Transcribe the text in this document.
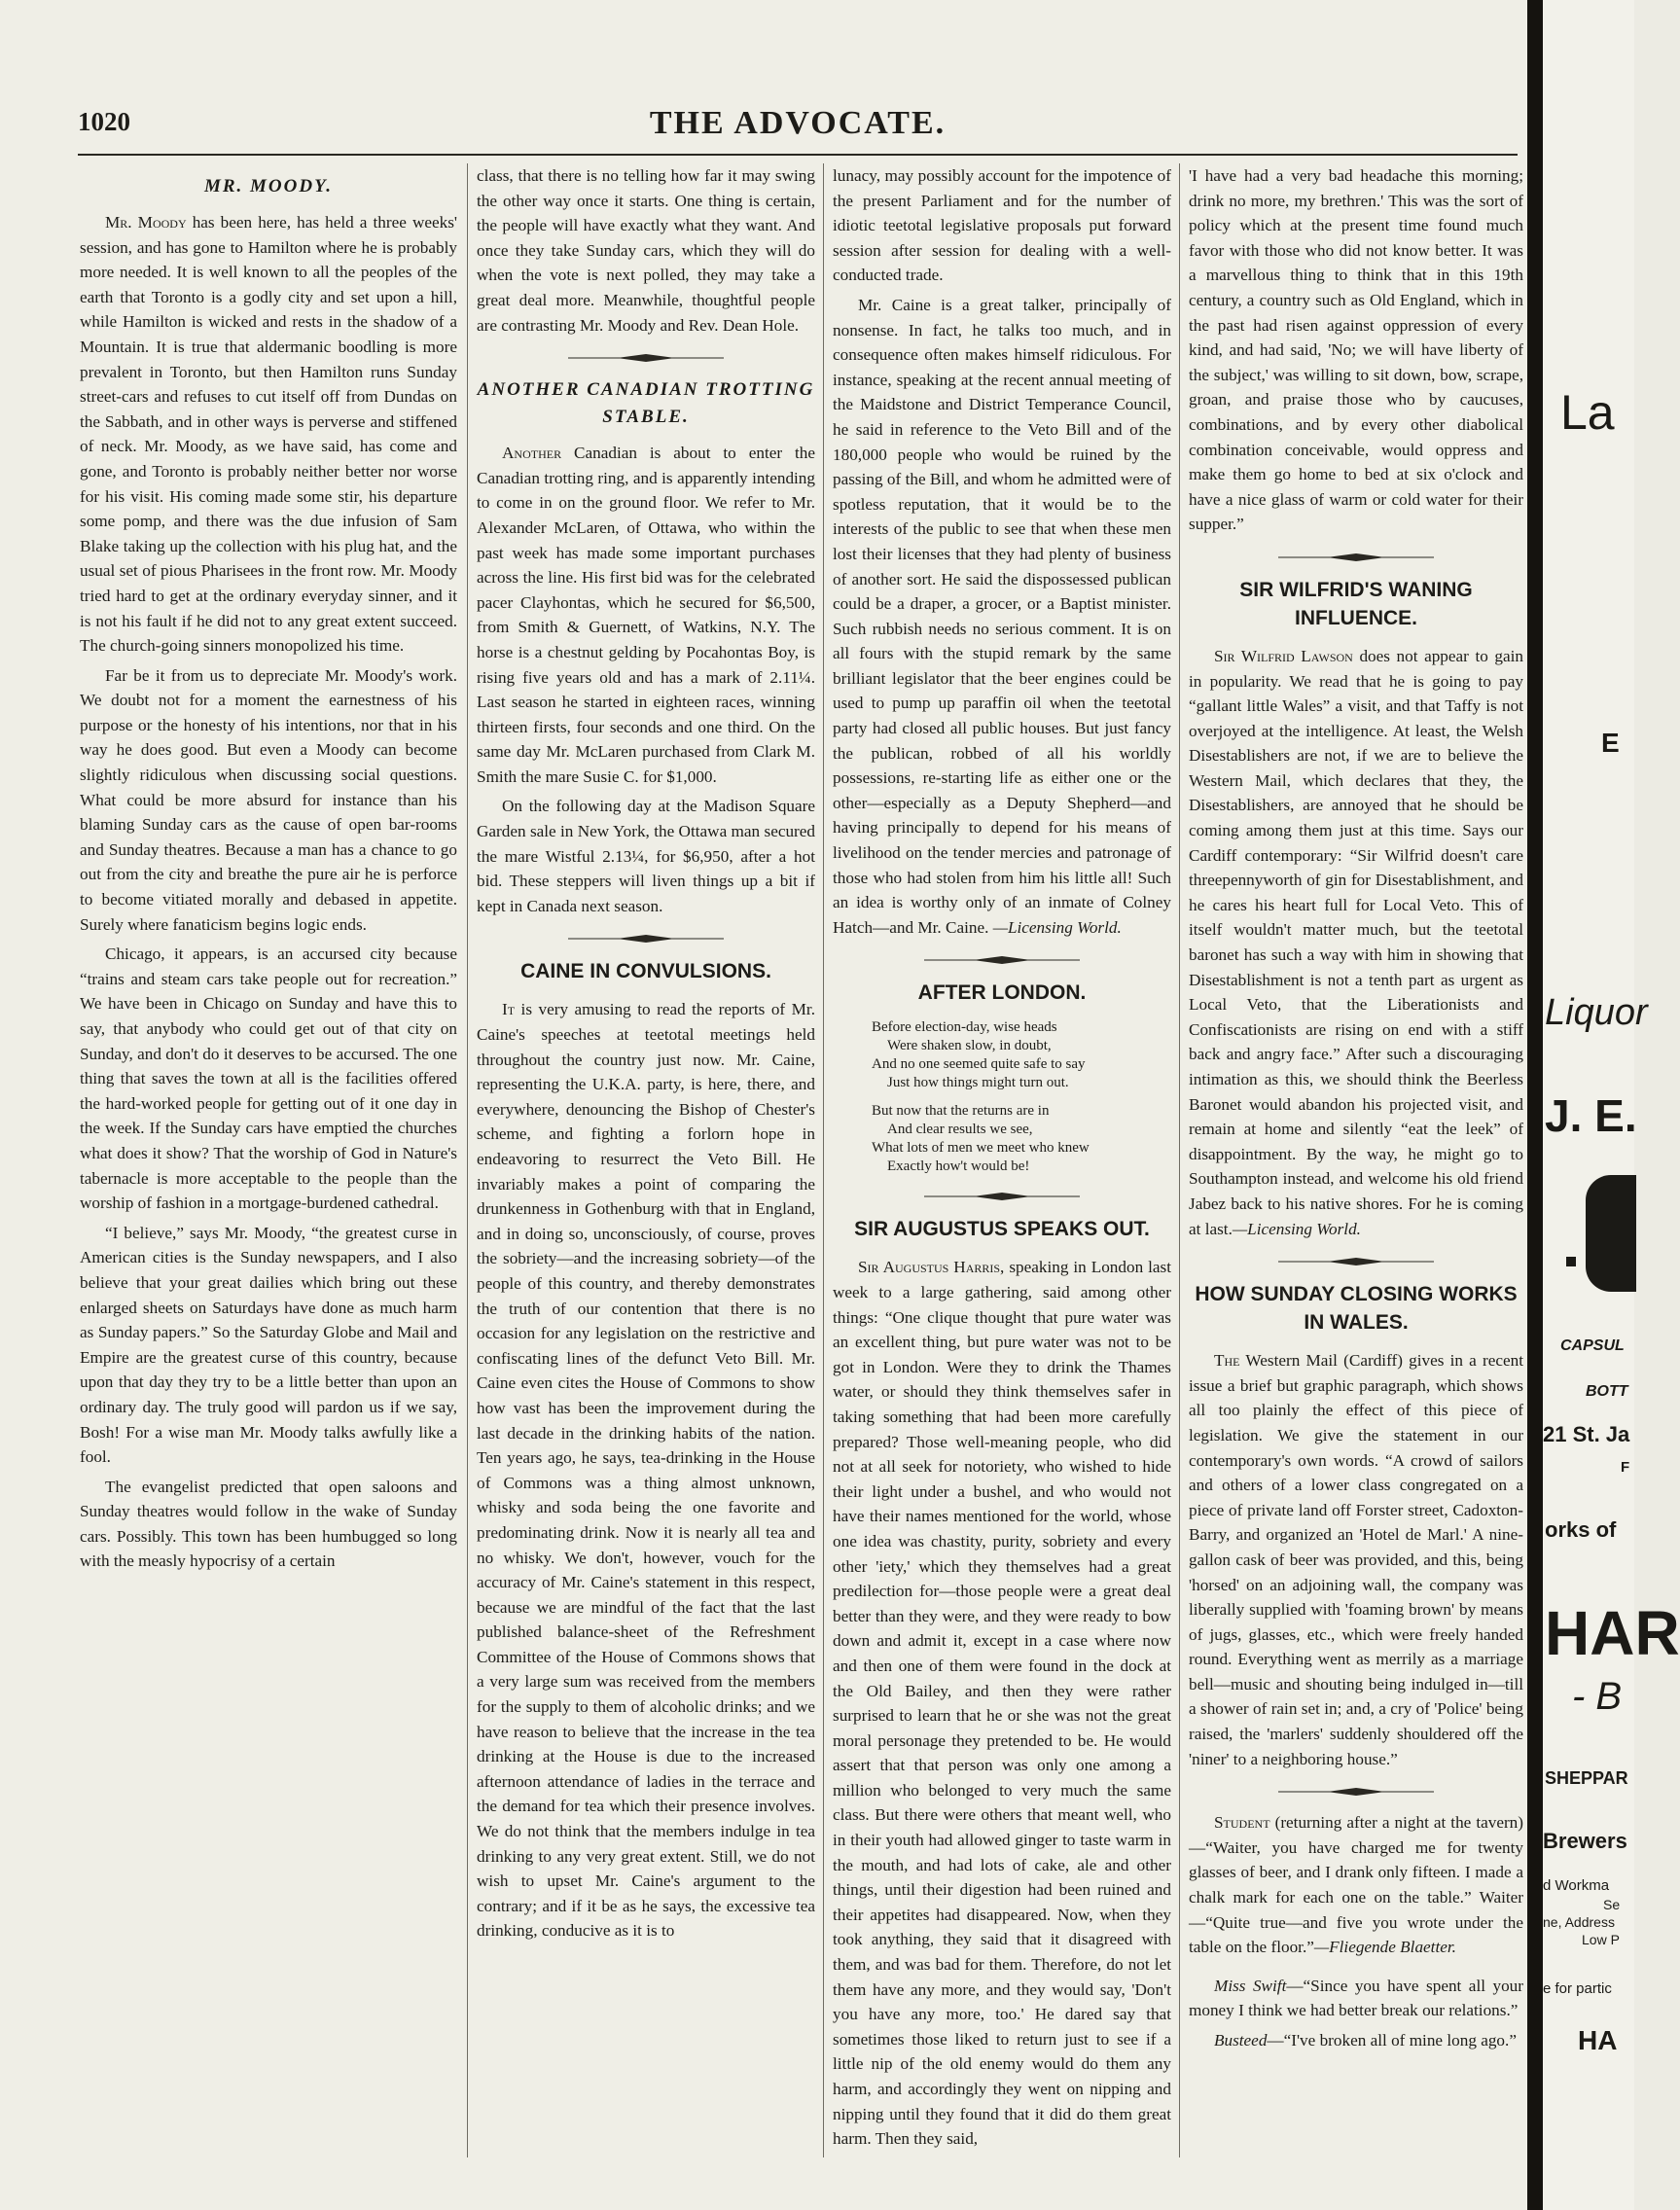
1020	THE ADVOCATE.
MR. MOODY.

Mr. Moody has been here, has held a three weeks' session, and has gone to Hamilton where he is probably more needed. It is well known to all the peoples of the earth that Toronto is a godly city and set upon a hill, while Hamilton is wicked and rests in the shadow of a Mountain. It is true that aldermanic boodling is more prevalent in Toronto, but then Hamilton runs Sunday street-cars and refuses to cut itself off from Dundas on the Sabbath, and in other ways is perverse and stiffened of neck. Mr. Moody, as we have said, has come and gone, and Toronto is probably neither better nor worse for his visit. His coming made some stir, his departure some pomp, and there was the due infusion of Sam Blake taking up the collection with his plug hat, and the usual set of pious Pharisees in the front row. Mr. Moody tried hard to get at the ordinary everyday sinner, and it is not his fault if he did not to any great extent succeed. The church-going sinners monopolized his time.

Far be it from us to depreciate Mr. Moody's work. We doubt not for a moment the earnestness of his purpose or the honesty of his intentions, nor that in his way he does good. But even a Moody can become slightly ridiculous when discussing social questions. What could be more absurd for instance than his blaming Sunday cars as the cause of open bar-rooms and Sunday theatres. Because a man has a chance to go out from the city and breathe the pure air he is perforce to become vitiated morally and debased in appetite. Surely where fanaticism begins logic ends.

Chicago, it appears, is an accursed city because “trains and steam cars take people out for recreation.” We have been in Chicago on Sunday and have this to say, that anybody who could get out of that city on Sunday, and don't do it deserves to be accursed. The one thing that saves the town at all is the facilities offered the hard-worked people for getting out of it one day in the week. If the Sunday cars have emptied the churches what does it show? That the worship of God in Nature's tabernacle is more acceptable to the people than the worship of fashion in a mortgage-burdened cathedral.

“I believe,” says Mr. Moody, “the greatest curse in American cities is the Sunday newspapers, and I also believe that your great dailies which bring out these enlarged sheets on Saturdays have done as much harm as Sunday papers.” So the Saturday Globe and Mail and Empire are the greatest curse of this country, because upon that day they try to be a little better than upon an ordinary day. The truly good will pardon us if we say, Bosh! For a wise man Mr. Moody talks awfully like a fool.

The evangelist predicted that open saloons and Sunday theatres would follow in the wake of Sunday cars. Possibly. This town has been humbugged so long with the measly hypocrisy of a certain

class, that there is no telling how far it may swing the other way once it starts. One thing is certain, the people will have exactly what they want. And once they take Sunday cars, which they will do when the vote is next polled, they may take a great deal more. Meanwhile, thoughtful people are contrasting Mr. Moody and Rev. Dean Hole.

ANOTHER CANADIAN TROTTING STABLE.

Another Canadian is about to enter the Canadian trotting ring, and is apparently intending to come in on the ground floor. We refer to Mr. Alexander McLaren, of Ottawa, who within the past week has made some important purchases across the line. His first bid was for the celebrated pacer Clayhontas, which he secured for $6,500, from Smith & Guernett, of Watkins, N.Y. The horse is a chestnut gelding by Pocahontas Boy, is rising five years old and has a mark of 2.11¼. Last season he started in eighteen races, winning thirteen firsts, four seconds and one third. On the same day Mr. McLaren purchased from Clark M. Smith the mare Susie C. for $1,000.

On the following day at the Madison Square Garden sale in New York, the Ottawa man secured the mare Wistful 2.13¼, for $6,950, after a hot bid. These steppers will liven things up a bit if kept in Canada next season.

CAINE IN CONVULSIONS.

It is very amusing to read the reports of Mr. Caine's speeches at teetotal meetings held throughout the country just now. Mr. Caine, representing the U.K.A. party, is here, there, and everywhere, denouncing the Bishop of Chester's scheme, and fighting a forlorn hope in endeavoring to resurrect the Veto Bill. He invariably makes a point of comparing the drunkenness in Gothenburg with that in England, and in doing so, unconsciously, of course, proves the sobriety—and the increasing sobriety—of the people of this country, and thereby demonstrates the truth of our contention that there is no occasion for any legislation on the restrictive and confiscating lines of the defunct Veto Bill. Mr. Caine even cites the House of Commons to show how vast has been the improvement during the last decade in the drinking habits of the nation. Ten years ago, he says, tea-drinking in the House of Commons was a thing almost unknown, whisky and soda being the one favorite and predominating drink. Now it is nearly all tea and no whisky. We don't, however, vouch for the accuracy of Mr. Caine's statement in this respect, because we are mindful of the fact that the last published balance-sheet of the Refreshment Committee of the House of Commons shows that a very large sum was received from the members for the supply to them of alcoholic drinks; and we have reason to believe that the increase in the tea drinking at the House is due to the increased afternoon attendance of ladies in the terrace and the demand for tea which their presence involves. We do not think that the members indulge in tea drinking to any very great extent. Still, we do not wish to upset Mr. Caine's argument to the contrary; and if it be as he says, the excessive tea drinking, conducive as it is to

lunacy, may possibly account for the impotence of the present Parliament and for the number of idiotic teetotal legislative proposals put forward session after session for dealing with a well-conducted trade.

Mr. Caine is a great talker, principally of nonsense. In fact, he talks too much, and in consequence often makes himself ridiculous. For instance, speaking at the recent annual meeting of the Maidstone and District Temperance Council, he said in reference to the Veto Bill and of the 180,000 people who would be ruined by the passing of the Bill, and whom he admitted were of spotless reputation, that it would be to the interests of the public to see that when these men lost their licenses that they had plenty of business of another sort. He said the dispossessed publican could be a draper, a grocer, or a Baptist minister. Such rubbish needs no serious comment. It is on all fours with the stupid remark by the same brilliant legislator that the beer engines could be used to pump up paraffin oil when the teetotal party had closed all public houses. But just fancy the publican, robbed of all his worldly possessions, re-starting life as either one or the other—especially as a Deputy Shepherd—and having principally to depend for his means of livelihood on the tender mercies and patronage of those who had stolen from him his little all! Such an idea is worthy only of an inmate of Colney Hatch—and Mr. Caine. —Licensing World.

AFTER LONDON.
Before election-day, wise heads
Were shaken slow, in doubt,
And no one seemed quite safe to say
Just how things might turn out.
But now that the returns are in
And clear results we see,
What lots of men we meet who knew
Exactly how't would be!
SIR AUGUSTUS SPEAKS OUT.

Sir Augustus Harris, speaking in London last week to a large gathering, said among other things: “One clique thought that pure water was an excellent thing, but pure water was not to be got in London. Were they to drink the Thames water, or should they think themselves safer in taking something that had been more carefully prepared? Those well-meaning people, who did not at all seek for notoriety, who wished to hide their light under a bushel, and who would not have their names mentioned for the world, whose one idea was chastity, purity, sobriety and every other 'iety,' which they themselves had a great predilection for—those people were a great deal better than they were, and they were ready to bow down and admit it, except in a case where now and then one of them were found in the dock at the Old Bailey, and then they were rather surprised to learn that he or she was not the great moral personage they pretended to be. He would assert that that person was only one among a million who belonged to very much the same class. But there were others that meant well, who in their youth had allowed ginger to taste warm in the mouth, and had lots of cake, ale and other things, until their digestion had been ruined and their appetites had disappeared. Now, when they took anything, they said that it disagreed with them, and was bad for them. Therefore, do not let them have any more, and they would say, 'Don't you have any more, too.' He dared say that sometimes those liked to return just to see if a little nip of the old enemy would do them any harm, and accordingly they went on nipping and nipping until they found that it did do them great harm. Then they said,

'I have had a very bad headache this morning; drink no more, my brethren.' This was the sort of policy which at the present time found much favor with those who did not know better. It was a marvellous thing to think that in this 19th century, a country such as Old England, which in the past had risen against oppression of every kind, and had said, 'No; we will have liberty of the subject,' was willing to sit down, bow, scrape, groan, and praise those who by caucuses, combinations, and by every other diabolical combination conceivable, would oppress and make them go home to bed at six o'clock and have a nice glass of warm or cold water for their supper.”

SIR WILFRID'S WANING INFLUENCE.

Sir Wilfrid Lawson does not appear to gain in popularity. We read that he is going to pay “gallant little Wales” a visit, and that Taffy is not overjoyed at the intelligence. At least, the Welsh Disestablishers are not, if we are to believe the Western Mail, which declares that they, the Disestablishers, are annoyed that he should be coming among them just at this time. Says our Cardiff contemporary: “Sir Wilfrid doesn't care threepennyworth of gin for Disestablishment, and he cares his heart full for Local Veto. This of itself wouldn't matter much, but the teetotal baronet has such a way with him in showing that Disestablishment is not a tenth part as urgent as Local Veto, that the Liberationists and Confiscationists are rising on end with a stiff back and angry face.” After such a discouraging intimation as this, we should think the Beerless Baronet would abandon his projected visit, and remain at home and silently “eat the leek” of disappointment. By the way, he might go to Southampton instead, and welcome his old friend Jabez back to his native shores. For he is coming at last.—Licensing World.

HOW SUNDAY CLOSING WORKS IN WALES.

The Western Mail (Cardiff) gives in a recent issue a brief but graphic paragraph, which shows all too plainly the effect of this piece of legislation. We give the statement in our contemporary's own words. “A crowd of sailors and others of a lower class congregated on a piece of private land off Forster street, Cadoxton-Barry, and organized an 'Hotel de Marl.' A nine-gallon cask of beer was provided, and this, being 'horsed' on an adjoining wall, the company was liberally supplied with 'foaming brown' by means of jugs, glasses, etc., which were freely handed round. Everything went as merrily as a marriage bell—music and shouting being indulged in—till a shower of rain set in; and, a cry of 'Police' being raised, the 'marlers' suddenly shouldered off the 'niner' to a neighboring house.”

Student (returning after a night at the tavern)—“Waiter, you have charged me for twenty glasses of beer, and I drank only fifteen. I made a chalk mark for each one on the table.” Waiter—“Quite true—and five you wrote under the table on the floor.”—Fliegende Blaetter.

Miss Swift—“Since you have spent all your money I think we had better break our relations.”

Busteed—“I've broken all of mine long ago.”

La
E
Liquor
J. E.
CAPSUL
BOTT
21 St. Ja
F
orks of
HAR
- B
SHEPPAR
Brewers
d Workma
Se
ne, Address
Low P
e for partic
HA
